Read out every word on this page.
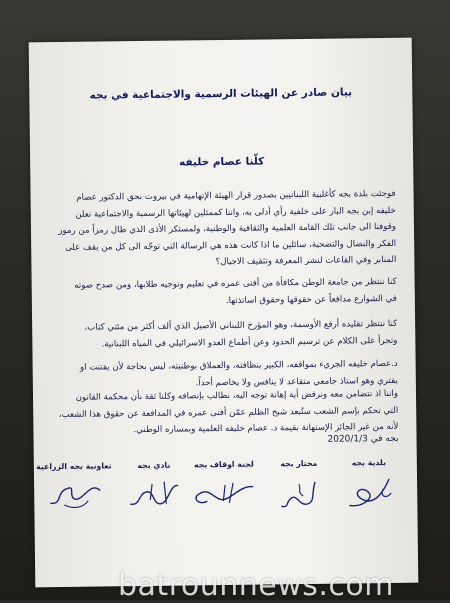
بيان صادر عن الهيئات الرسمية والاجتماعية في بجه
كلّنا عصام خليفه
فوجئت بلدة بجه كأغلبية اللبنانيين بصدور قرار الهيئة الإتهامية في بيروت بحق الدكتور عصام
خليفه إبن بجه البار على خلفية رأي أدلى به، واننا كممثلين لهيئاتها الرسمية والاجتماعية نعلن
وقوفنا الى جانب تلك القامة العلمية والثقافية والوطنية، ولمستكر الأذى الذي طال رمزاً من رموز
الفكر والنضال والتضحية، سائلين ما اذا كانت هذه هي الرسالة التي توجّه الى كل من يقف على
المنابر وفي القاعات لنشر المعرفة وتثقيف الاجيال؟
كنا ننتظر من جامعة الوطن مكافأة من أفنى عمره في تعليم وتوجيه طلابها، ومن صدح صوته
في الشوارع مدافعاً عن حقوقها وحقوق اساتذتها.
كنا ننتظر تقليده أرفع الأوسمة، وهو المؤرخ اللبناني الأصيل الذي ألف أكثر من مئتي كتاب،
وتجرأ على الكلام عن ترسيم الحدود وعن أطماع العدو الاسرائيلي في المياه اللبنانية.
د.عصام خليفه الجريء بمواقفه، الكبير بنظافته، والعملاق بوطنيته، ليس بحاجة لأن يفتنت او
يفتري وهو استاذ جامعي متقاعد لا ينافس ولا يخاصم أحداً.
واننا اذ نتضامن معه ونرفض أية إهانة توجه اليه، نطالب بإنصافه وكلنا ثقة بأن محكمة القانون
التي تحكم بإسم الشعب ستُبعد شبح الظلم عمّن أفنى عمره في المدافعة عن حقوق هذا الشعب،
لأنه من غير الجائز الإستهانة بقيمة د. عصام خليفه العلمية وبمساره الوطني.
بجه في 2020/1/3
بلدية بجه
مختار بجه
لجنة اوقاف بجه
نادي بجه
تعاونية بجه الزراعية
batrounnews.com
